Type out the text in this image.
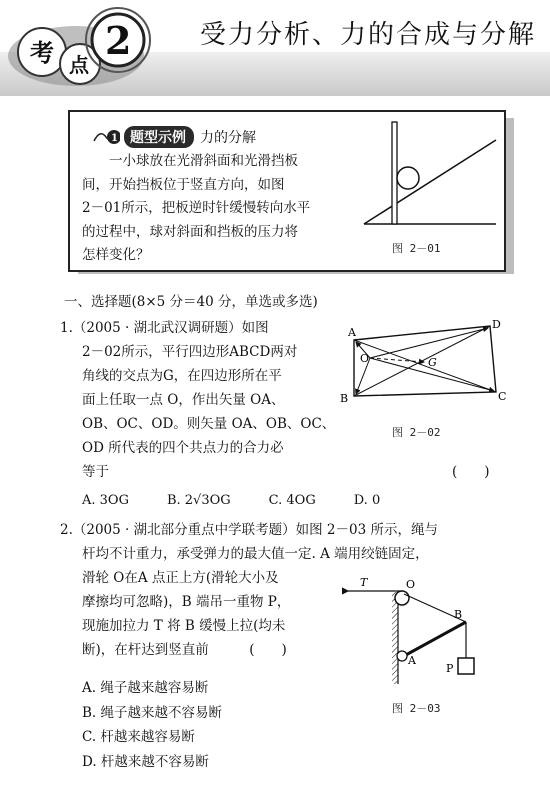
考 点
2	受力分析、力的合成与分解
1 题型示例	力的分解

一小球放在光滑斜面和光滑挡板

间，开始挡板位于竖直方向，如图
2－01所示，把板逆时针缓慢转向水平
的过程中，球对斜面和挡板的压力将
怎样变化？	图 2－01
一、选择题(8×5 分＝40 分，单选或多选)
1.（2005 · 湖北武汉调研题）如图
2－02所示，平行四边形ABCD两对
角线的交点为G，在四边形所在平
面上任取一点 O，作出矢量 OA、
OB、OC、OD。则矢量 OA、OB、OC、
OD 所代表的四个共点力的合力必
等于	(　　)
A
D
O	G
B	C
图 2－02
A. 3OG	B. 2√3OG	C. 4OG	D. 0
2.（2005 · 湖北部分重点中学联考题）如图 2－03 所示，绳与
杆均不计重力，承受弹力的最大值一定. A 端用绞链固定，
滑轮 O在A 点正上方(滑轮大小及
摩擦均可忽略)，B 端吊一重物 P，
现施加拉力 T 将 B 缓慢上拉(均未
断)，在杆达到竖直前　　　(　　)
T	O
B
A
P
图 2－03
A. 绳子越来越容易断
B. 绳子越来越不容易断
C. 杆越来越容易断
D. 杆越来越不容易断
